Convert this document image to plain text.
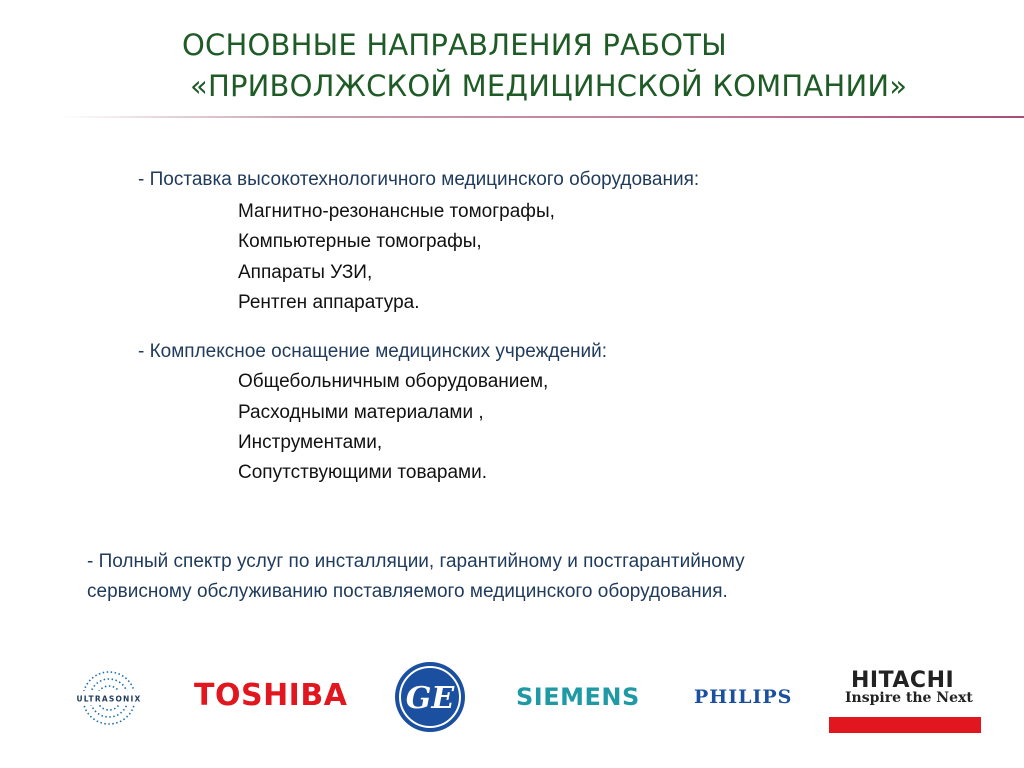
ОСНОВНЫЕ НАПРАВЛЕНИЯ РАБОТЫ
«ПРИВОЛЖСКОЙ МЕДИЦИНСКОЙ КОМПАНИИ»
- Поставка высокотехнологичного медицинского оборудования:
Магнитно-резонансные томографы,
Компьютерные томографы,
Аппараты УЗИ,
Рентген аппаратура.
- Комплексное оснащение медицинских учреждений:
Общебольничным оборудованием,
Расходными материалами ,
Инструментами,
Сопутствующими товарами.
- Полный спектр услуг по инсталляции, гарантийному и постгарантийному
сервисному обслуживанию поставляемого медицинского оборудования.
ULTRASONIX TOSHIBA GE	SIEMENS	PHILIPS
HITACHI
Inspire the Next
